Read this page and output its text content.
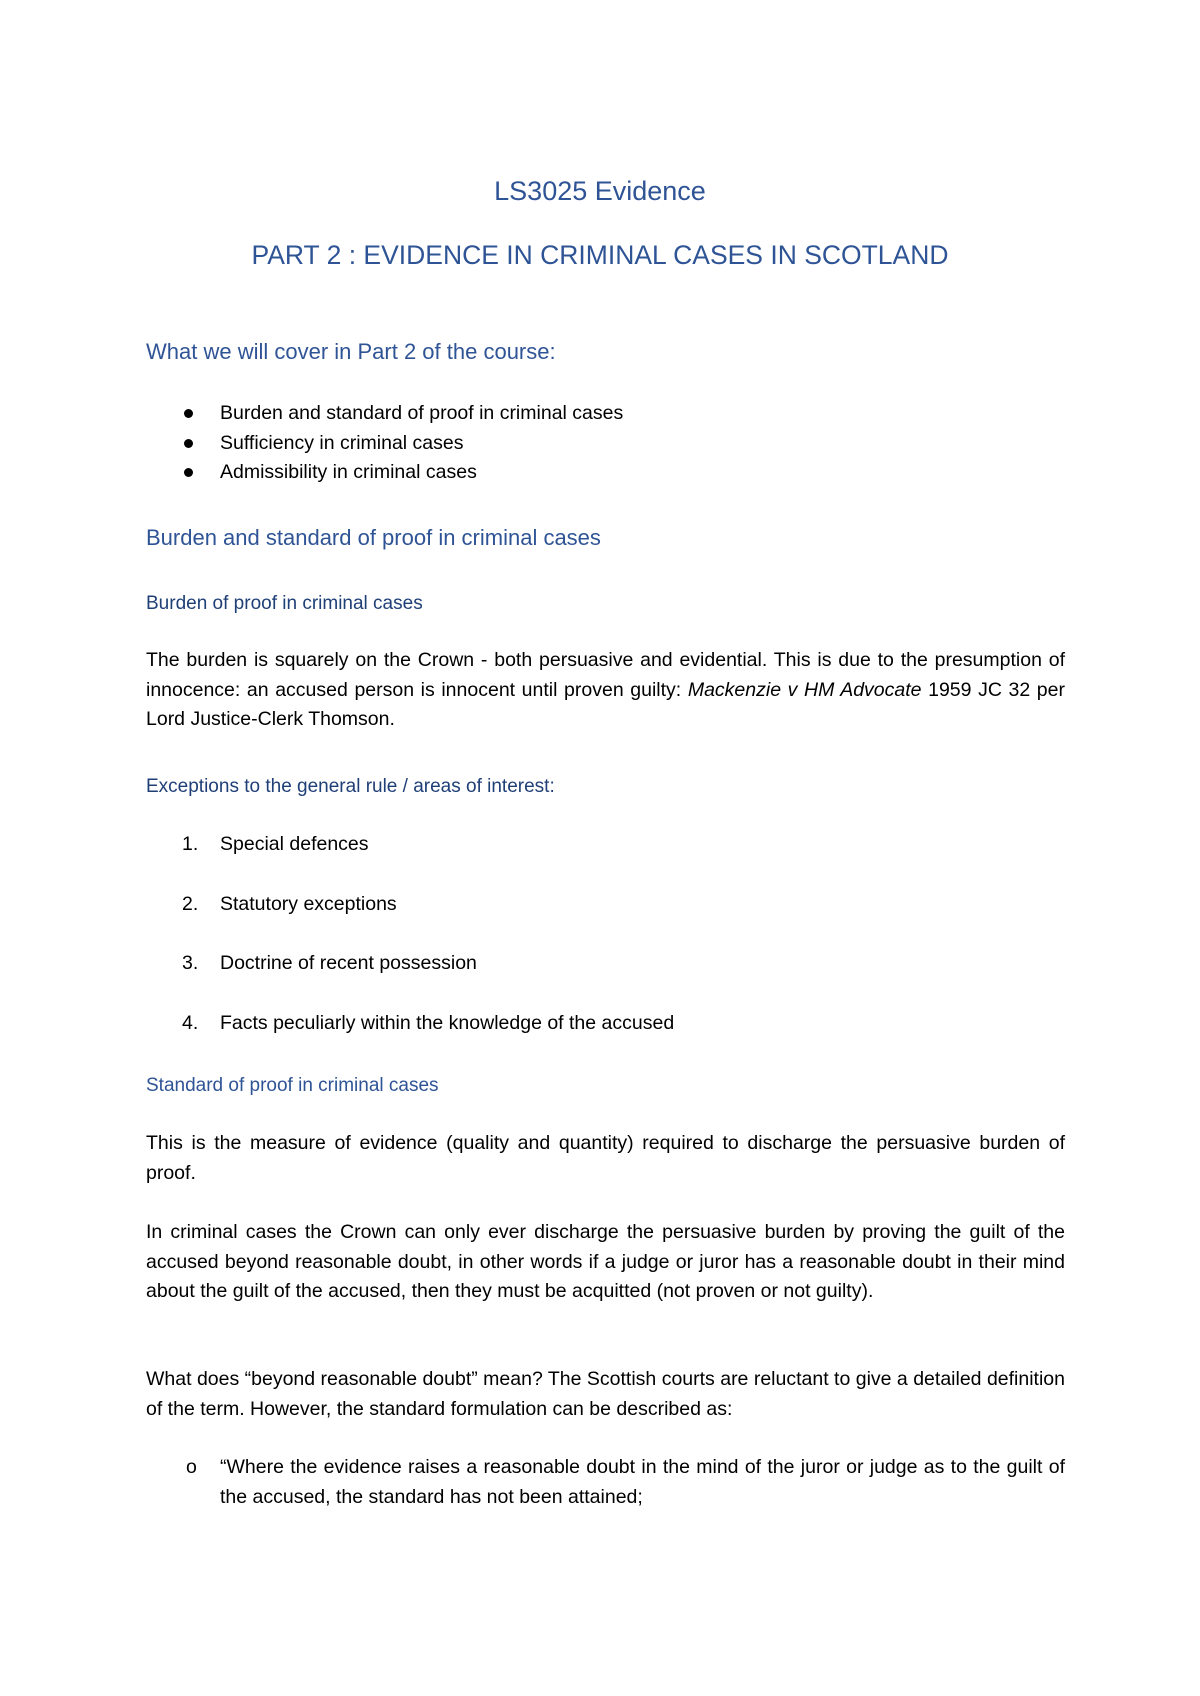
LS3025 Evidence
PART 2 : EVIDENCE IN CRIMINAL CASES IN SCOTLAND
What we will cover in Part 2 of the course:
Burden and standard of proof in criminal cases
Sufficiency in criminal cases
Admissibility in criminal cases
Burden and standard of proof in criminal cases
Burden of proof in criminal cases
The burden is squarely on the Crown - both persuasive and evidential. This is due to the presumption of innocence: an accused person is innocent until proven guilty: Mackenzie v HM Advocate 1959 JC 32 per Lord Justice-Clerk Thomson.
Exceptions to the general rule / areas of interest:
1. Special defences
2. Statutory exceptions
3. Doctrine of recent possession
4. Facts peculiarly within the knowledge of the accused
Standard of proof in criminal cases
This is the measure of evidence (quality and quantity) required to discharge the persuasive burden of proof.
In criminal cases the Crown can only ever discharge the persuasive burden by proving the guilt of the accused beyond reasonable doubt, in other words if a judge or juror has a reasonable doubt in their mind about the guilt of the accused, then they must be acquitted (not proven or not guilty).
What does “beyond reasonable doubt” mean? The Scottish courts are reluctant to give a detailed definition of the term. However, the standard formulation can be described as:
o “Where the evidence raises a reasonable doubt in the mind of the juror or judge as to the guilt of the accused, the standard has not been attained;
